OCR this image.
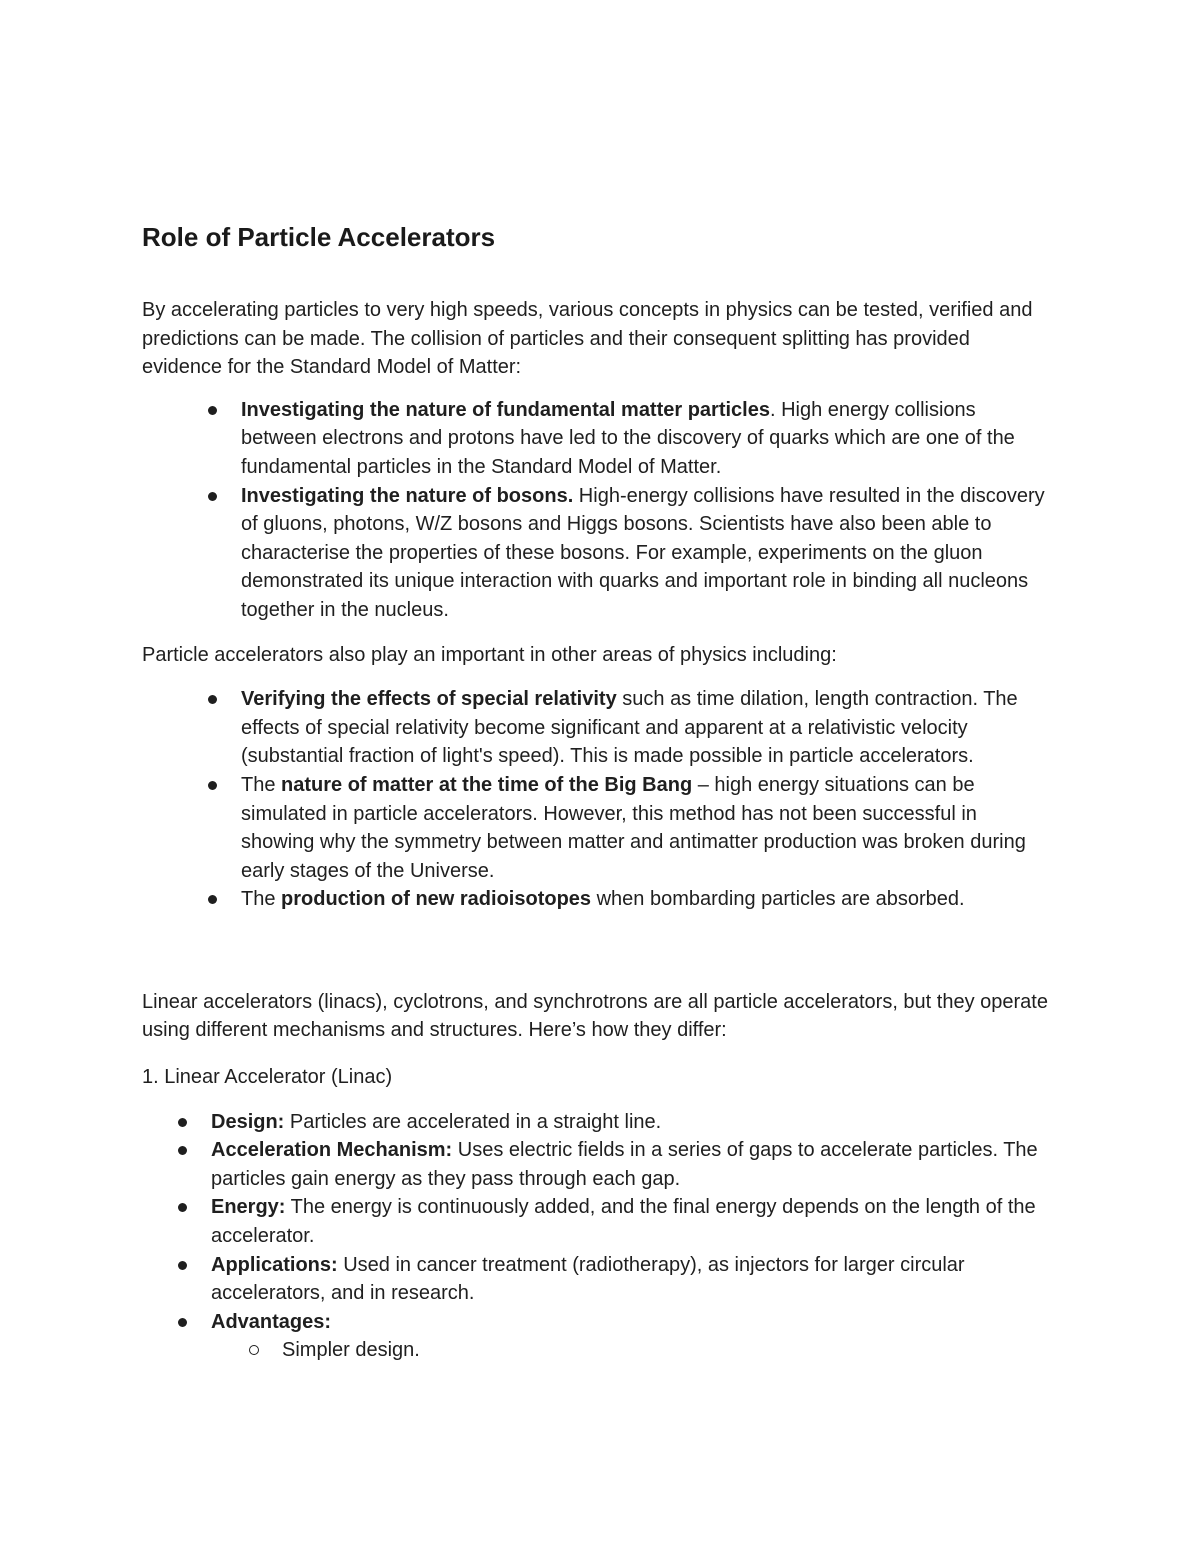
Role of Particle Accelerators

By accelerating particles to very high speeds, various concepts in physics can be tested, verified and predictions can be made. The collision of particles and their consequent splitting has provided evidence for the Standard Model of Matter:

Investigating the nature of fundamental matter particles. High energy collisions between electrons and protons have led to the discovery of quarks which are one of the fundamental particles in the Standard Model of Matter.
Investigating the nature of bosons. High-energy collisions have resulted in the discovery of gluons, photons, W/Z bosons and Higgs bosons. Scientists have also been able to characterise the properties of these bosons. For example, experiments on the gluon demonstrated its unique interaction with quarks and important role in binding all nucleons together in the nucleus.

Particle accelerators also play an important in other areas of physics including:

Verifying the effects of special relativity such as time dilation, length contraction. The effects of special relativity become significant and apparent at a relativistic velocity (substantial fraction of light's speed). This is made possible in particle accelerators.
The nature of matter at the time of the Big Bang – high energy situations can be simulated in particle accelerators. However, this method has not been successful in showing why the symmetry between matter and antimatter production was broken during early stages of the Universe.
The production of new radioisotopes when bombarding particles are absorbed.

Linear accelerators (linacs), cyclotrons, and synchrotrons are all particle accelerators, but they operate using different mechanisms and structures. Here’s how they differ:

1. Linear Accelerator (Linac)

Design: Particles are accelerated in a straight line.
Acceleration Mechanism: Uses electric fields in a series of gaps to accelerate particles. The particles gain energy as they pass through each gap.
Energy: The energy is continuously added, and the final energy depends on the length of the accelerator.
Applications: Used in cancer treatment (radiotherapy), as injectors for larger circular accelerators, and in research.
Advantages:
Simpler design.
